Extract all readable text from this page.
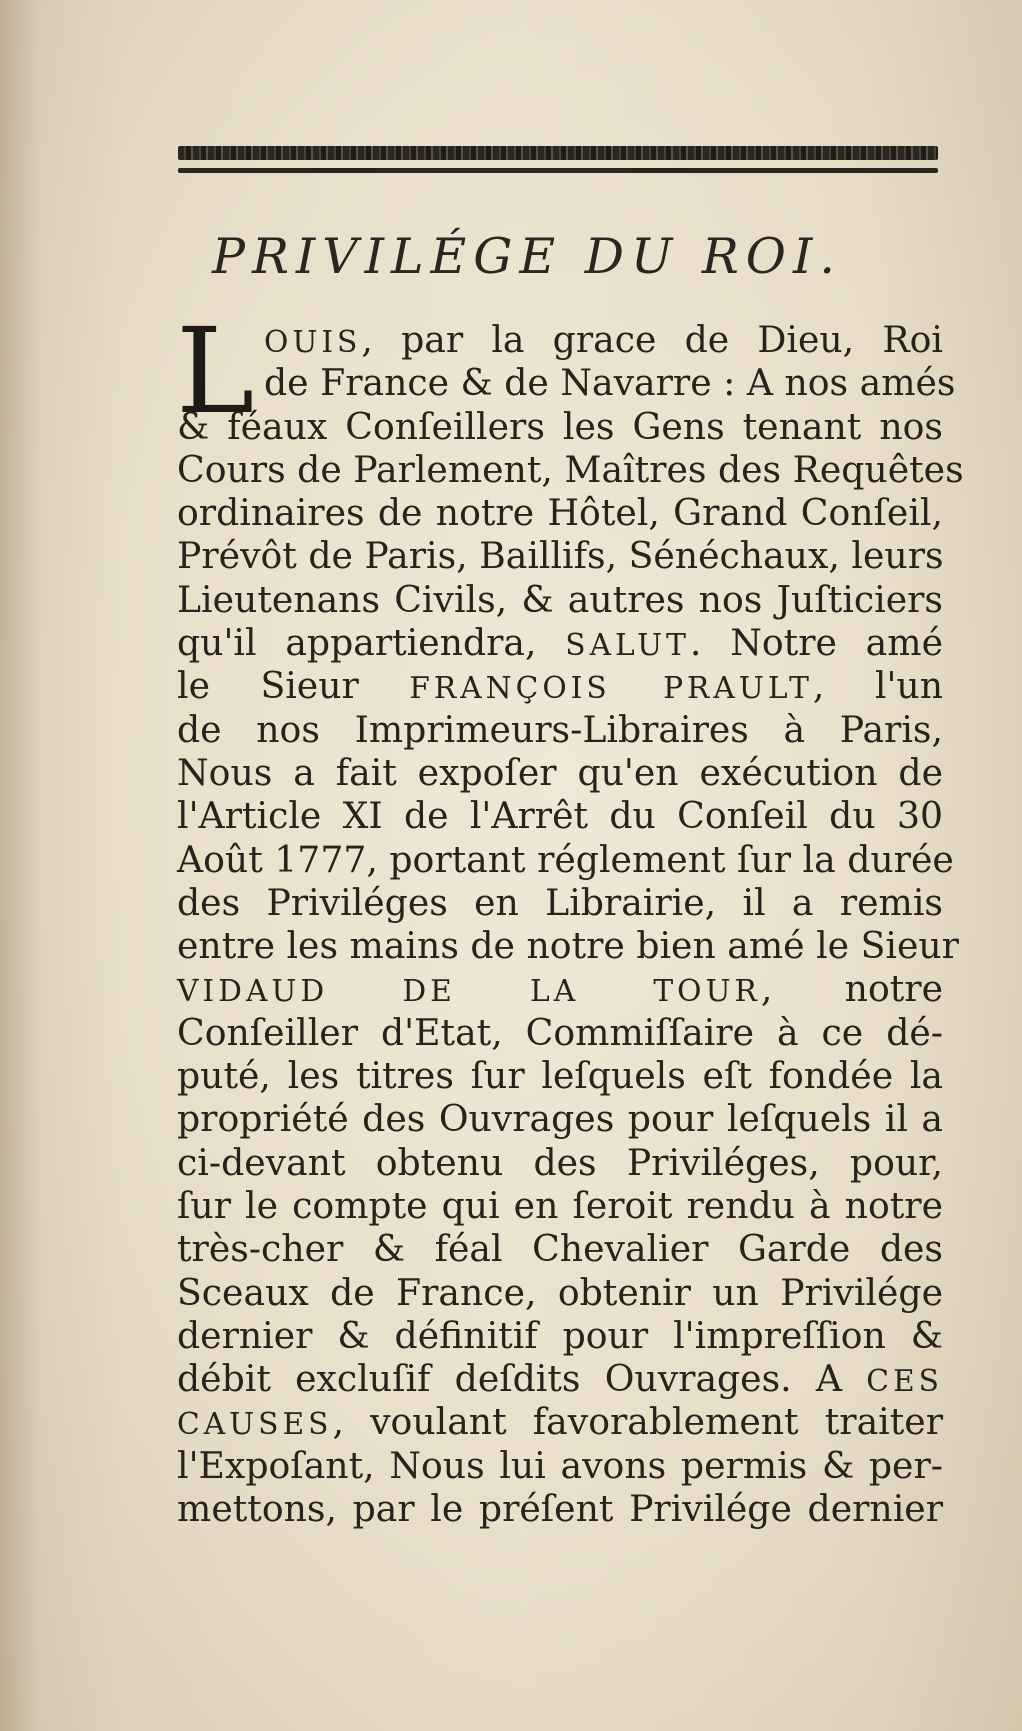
PRIVILÉGE DU ROI.
L OUIS, par la grace de Dieu, Roi
de France & de Navarre : A nos amés
& féaux Conſeillers les Gens tenant nos
Cours de Parlement, Maîtres des Requêtes
ordinaires de notre Hôtel, Grand Conſeil,
Prévôt de Paris, Baillifs, Sénéchaux, leurs
Lieutenans Civils, & autres nos Juſticiers
qu'il appartiendra, SALUT. Notre amé
le Sieur FRANÇOIS PRAULT, l'un
de nos Imprimeurs-Libraires à Paris,
Nous a fait expoſer qu'en exécution de
l'Article XI de l'Arrêt du Conſeil du 30
Août 1777, portant réglement ſur la durée
des Priviléges en Librairie, il a remis
entre les mains de notre bien amé le Sieur
VIDAUD DE LA TOUR, notre
Conſeiller d'Etat, Commiſſaire à ce dé-
puté, les titres ſur leſquels eſt fondée la
propriété des Ouvrages pour leſquels il a
ci-devant obtenu des Priviléges, pour,
ſur le compte qui en ſeroit rendu à notre
très-cher & féal Chevalier Garde des
Sceaux de France, obtenir un Privilége
dernier & définitif pour l'impreſſion &
débit excluſif deſdits Ouvrages. A CES
CAUSES, voulant favorablement traiter
l'Expoſant, Nous lui avons permis & per-
mettons, par le préſent Privilége dernier
